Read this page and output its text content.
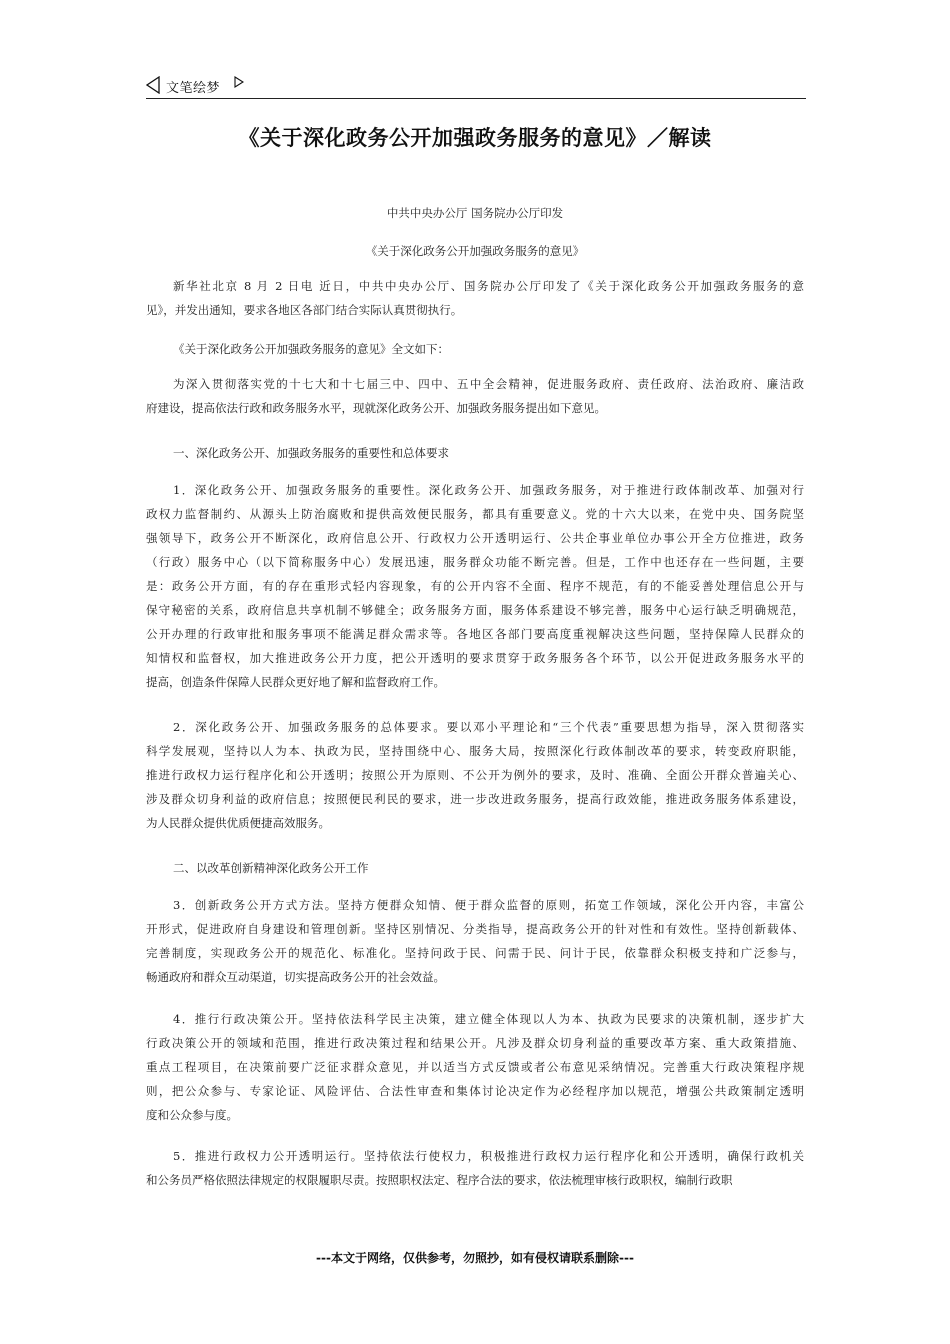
文笔绘梦
《关于深化政务公开加强政务服务的意见》／解读
中共中央办公厅 国务院办公厅印发
《关于深化政务公开加强政务服务的意见》
新华社北京 8 月 2 日电 近日，中共中央办公厅、国务院办公厅印发了《关于深化政务公开加强政务服务的意
见》，并发出通知，要求各地区各部门结合实际认真贯彻执行。
《关于深化政务公开加强政务服务的意见》全文如下：
为深入贯彻落实党的十七大和十七届三中、四中、五中全会精神，促进服务政府、责任政府、法治政府、廉洁政
府建设，提高依法行政和政务服务水平，现就深化政务公开、加强政务服务提出如下意见。
一、深化政务公开、加强政务服务的重要性和总体要求
1．深化政务公开、加强政务服务的重要性。深化政务公开、加强政务服务，对于推进行政体制改革、加强对行
政权力监督制约、从源头上防治腐败和提供高效便民服务，都具有重要意义。党的十六大以来，在党中央、国务院坚
强领导下，政务公开不断深化，政府信息公开、行政权力公开透明运行、公共企事业单位办事公开全方位推进，政务
（行政）服务中心（以下简称服务中心）发展迅速，服务群众功能不断完善。但是，工作中也还存在一些问题，主要
是：政务公开方面，有的存在重形式轻内容现象，有的公开内容不全面、程序不规范，有的不能妥善处理信息公开与
保守秘密的关系，政府信息共享机制不够健全；政务服务方面，服务体系建设不够完善，服务中心运行缺乏明确规范，
公开办理的行政审批和服务事项不能满足群众需求等。各地区各部门要高度重视解决这些问题，坚持保障人民群众的
知情权和监督权，加大推进政务公开力度，把公开透明的要求贯穿于政务服务各个环节，以公开促进政务服务水平的
提高，创造条件保障人民群众更好地了解和监督政府工作。
2．深化政务公开、加强政务服务的总体要求。要以邓小平理论和“三个代表”重要思想为指导，深入贯彻落实
科学发展观，坚持以人为本、执政为民，坚持围绕中心、服务大局，按照深化行政体制改革的要求，转变政府职能，
推进行政权力运行程序化和公开透明；按照公开为原则、不公开为例外的要求，及时、准确、全面公开群众普遍关心、
涉及群众切身利益的政府信息；按照便民利民的要求，进一步改进政务服务，提高行政效能，推进政务服务体系建设，
为人民群众提供优质便捷高效服务。
二、以改革创新精神深化政务公开工作
3．创新政务公开方式方法。坚持方便群众知情、便于群众监督的原则，拓宽工作领域，深化公开内容，丰富公
开形式，促进政府自身建设和管理创新。坚持区别情况、分类指导，提高政务公开的针对性和有效性。坚持创新载体、
完善制度，实现政务公开的规范化、标准化。坚持问政于民、问需于民、问计于民，依靠群众积极支持和广泛参与，
畅通政府和群众互动渠道，切实提高政务公开的社会效益。
4．推行行政决策公开。坚持依法科学民主决策，建立健全体现以人为本、执政为民要求的决策机制，逐步扩大
行政决策公开的领域和范围，推进行政决策过程和结果公开。凡涉及群众切身利益的重要改革方案、重大政策措施、
重点工程项目，在决策前要广泛征求群众意见，并以适当方式反馈或者公布意见采纳情况。完善重大行政决策程序规
则，把公众参与、专家论证、风险评估、合法性审查和集体讨论决定作为必经程序加以规范，增强公共政策制定透明
度和公众参与度。
5．推进行政权力公开透明运行。坚持依法行使权力，积极推进行政权力运行程序化和公开透明，确保行政机关
和公务员严格依照法律规定的权限履职尽责。按照职权法定、程序合法的要求，依法梳理审核行政职权，编制行政职
---本文于网络，仅供参考，勿照抄，如有侵权请联系删除---
